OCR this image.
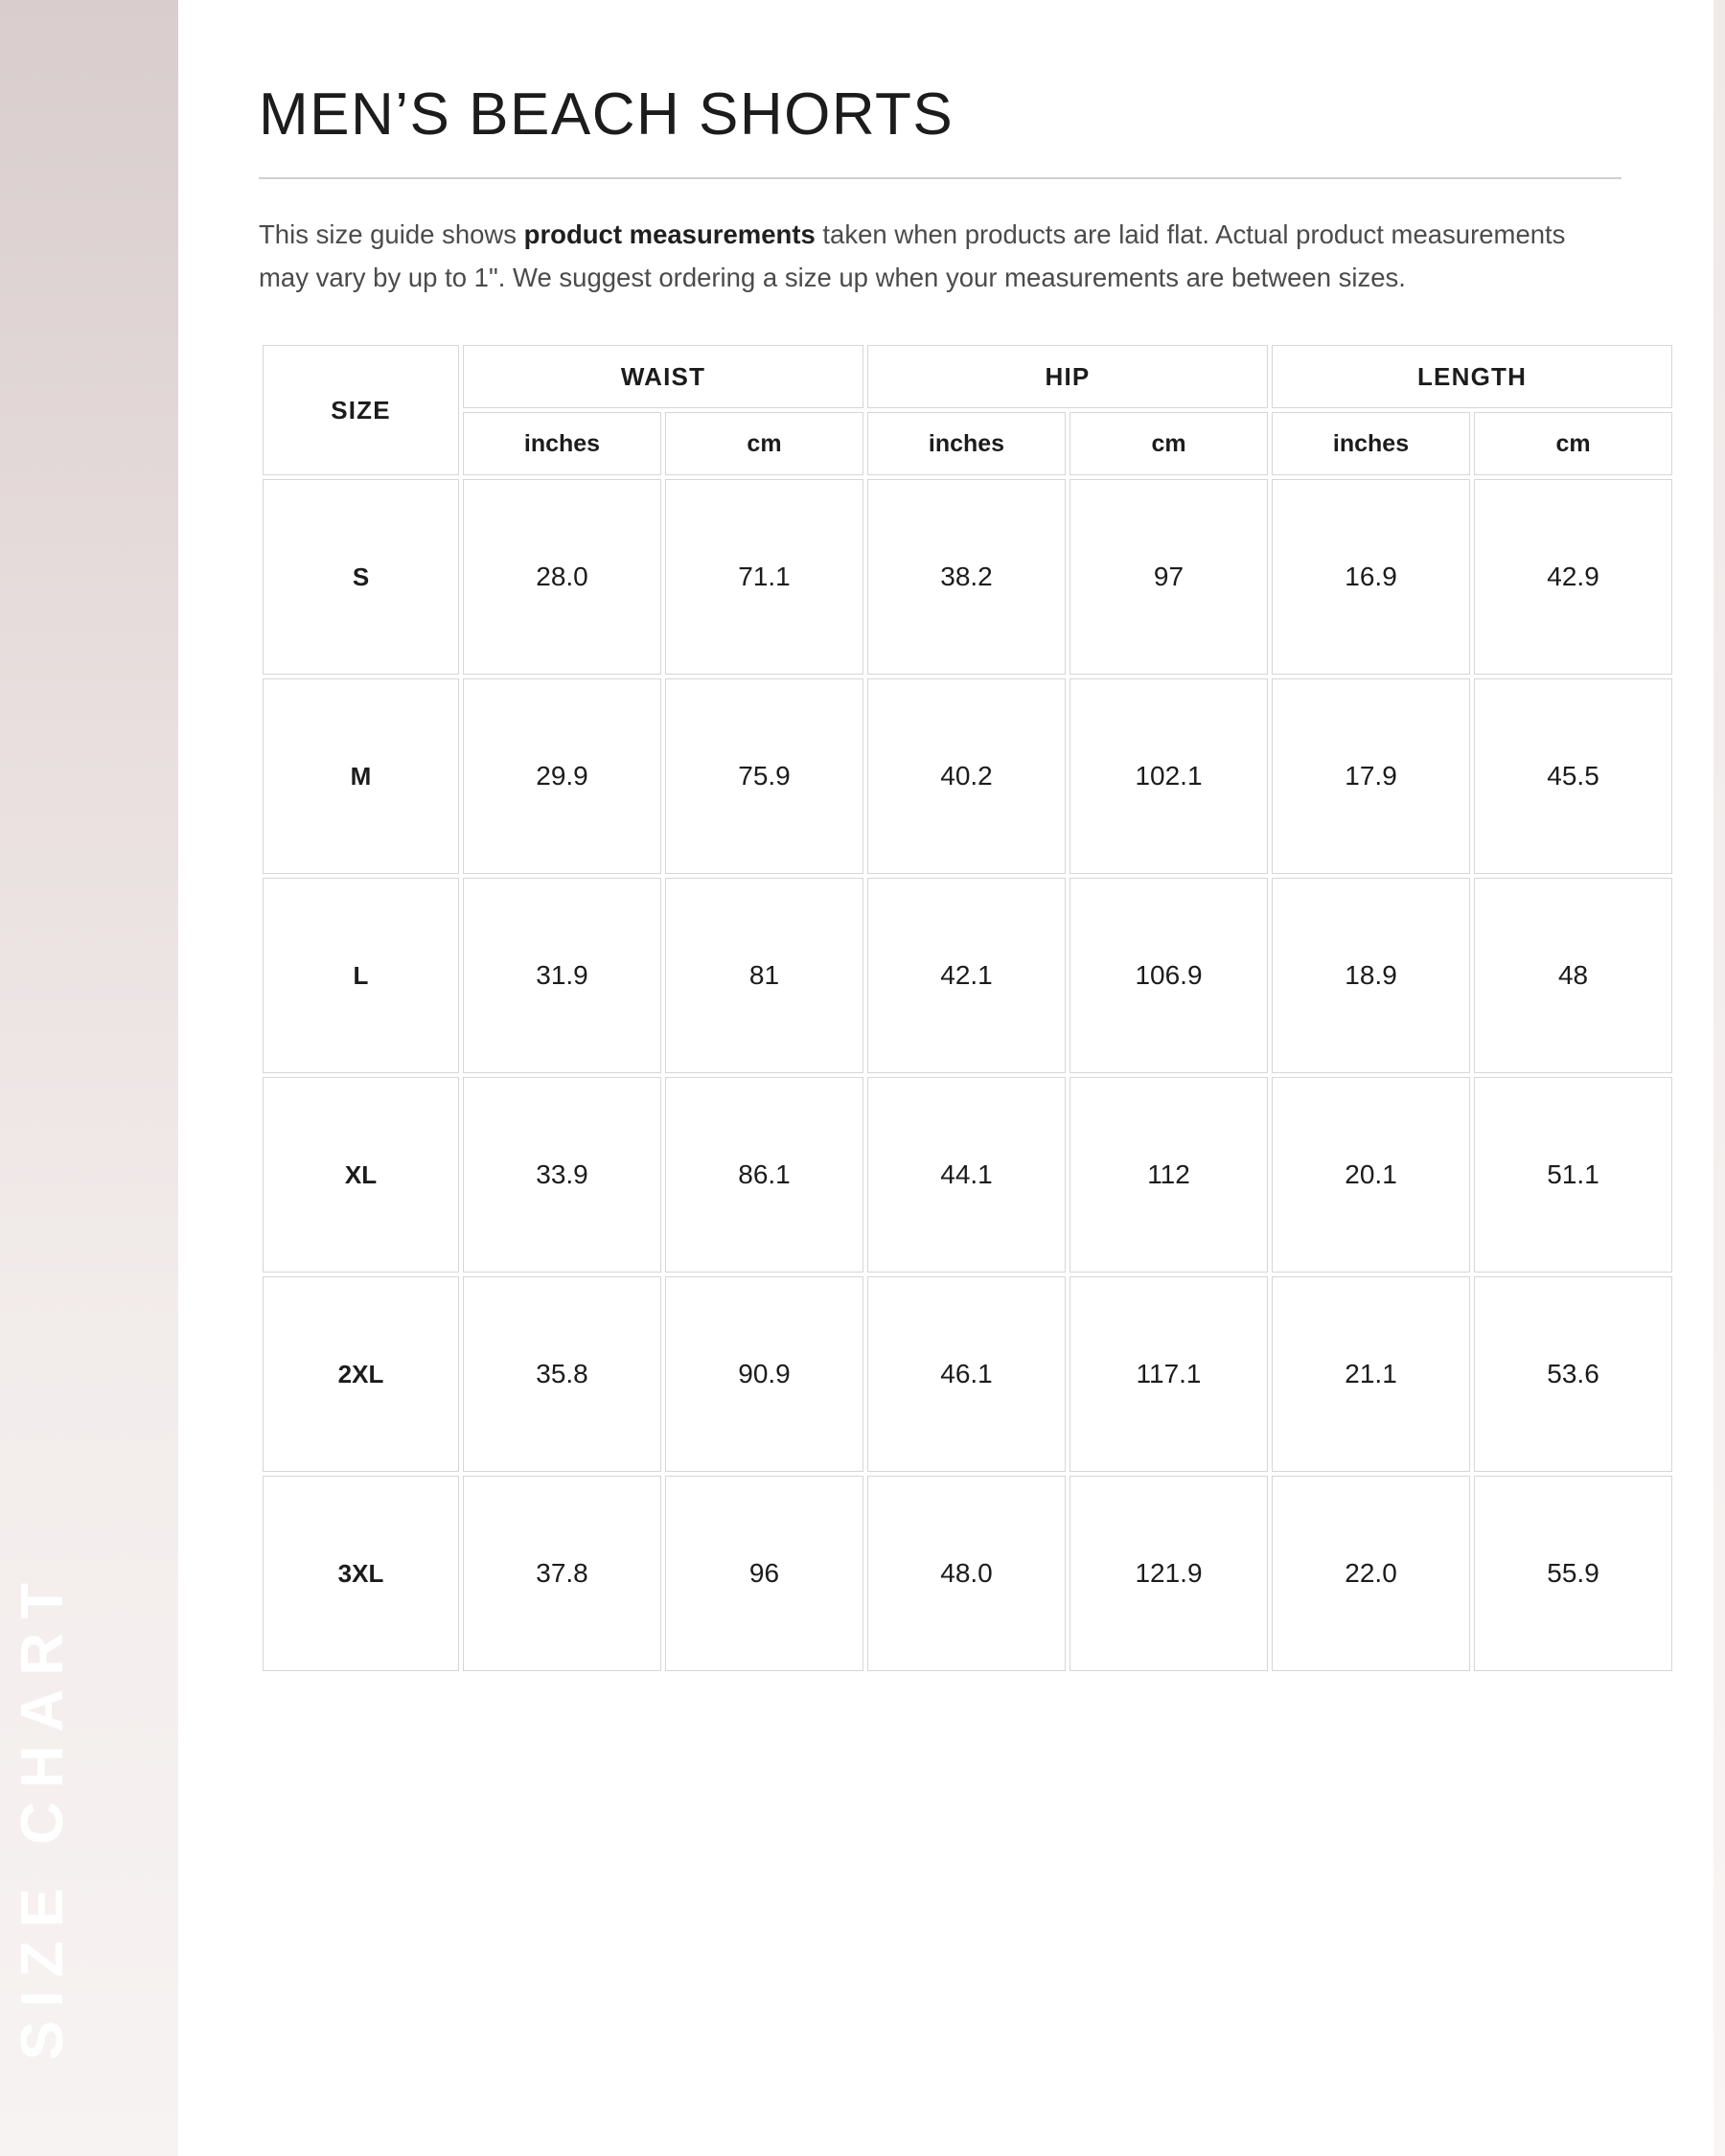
SIZE CHART
MEN’S BEACH SHORTS

This size guide shows product measurements taken when products are laid flat. Actual product measurements may vary by up to 1". We suggest ordering a size up when your measurements are between sizes.

SIZE	WAIST		HIP		LENGTH	
	inches	cm	inches	cm	inches	cm
S	28.0	71.1	38.2	97	16.9	42.9
M	29.9	75.9	40.2	102.1	17.9	45.5
L	31.9	81	42.1	106.9	18.9	48
XL	33.9	86.1	44.1	112	20.1	51.1
2XL	35.8	90.9	46.1	117.1	21.1	53.6
3XL	37.8	96	48.0	121.9	22.0	55.9
